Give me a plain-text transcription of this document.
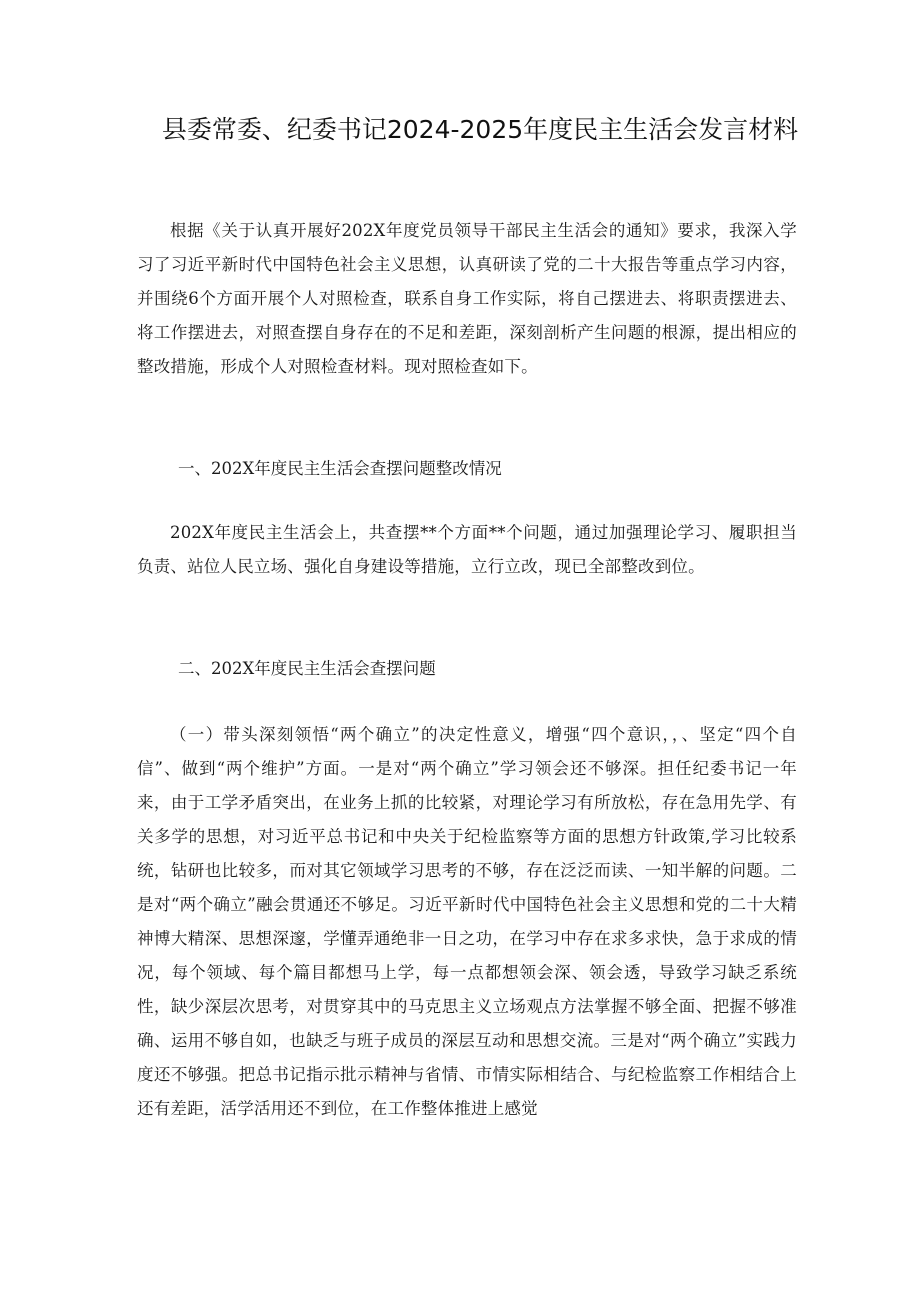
县委常委、纪委书记2024-2025年度民主生活会发言材料

根据《关于认真开展好202X年度党员领导干部民主生活会的通知》要求，我深入学习了习近平新时代中国特色社会主义思想，认真研读了党的二十大报告等重点学习内容，并围绕6个方面开展个人对照检查，联系自身工作实际，将自己摆进去、将职责摆进去、将工作摆进去，对照查摆自身存在的不足和差距，深刻剖析产生问题的根源，提出相应的整改措施，形成个人对照检查材料。现对照检查如下。

一、202X年度民主生活会查摆问题整改情况

202X年度民主生活会上，共查摆**个方面**个问题，通过加强理论学习、履职担当负责、站位人民立场、强化自身建设等措施，立行立改，现已全部整改到位。

二、202X年度民主生活会查摆问题

（一）带头深刻领悟“两个确立”的决定性意义，增强“四个意识，，、坚定“四个自信”、做到“两个维护”方面。一是对“两个确立”学习领会还不够深。担任纪委书记一年来，由于工学矛盾突出，在业务上抓的比较紧，对理论学习有所放松，存在急用先学、有关多学的思想，对习近平总书记和中央关于纪检监察等方面的思想方针政策,学习比较系统，钻研也比较多，而对其它领域学习思考的不够，存在泛泛而读、一知半解的问题。二是对“两个确立”融会贯通还不够足。习近平新时代中国特色社会主义思想和党的二十大精神博大精深、思想深邃，学懂弄通绝非一日之功，在学习中存在求多求快，急于求成的情况，每个领域、每个篇目都想马上学，每一点都想领会深、领会透，导致学习缺乏系统性，缺少深层次思考，对贯穿其中的马克思主义立场观点方法掌握不够全面、把握不够准确、运用不够自如，也缺乏与班子成员的深层互动和思想交流。三是对“两个确立”实践力度还不够强。把总书记指示批示精神与省情、市情实际相结合、与纪检监察工作相结合上还有差距，活学活用还不到位，在工作整体推进上感觉
